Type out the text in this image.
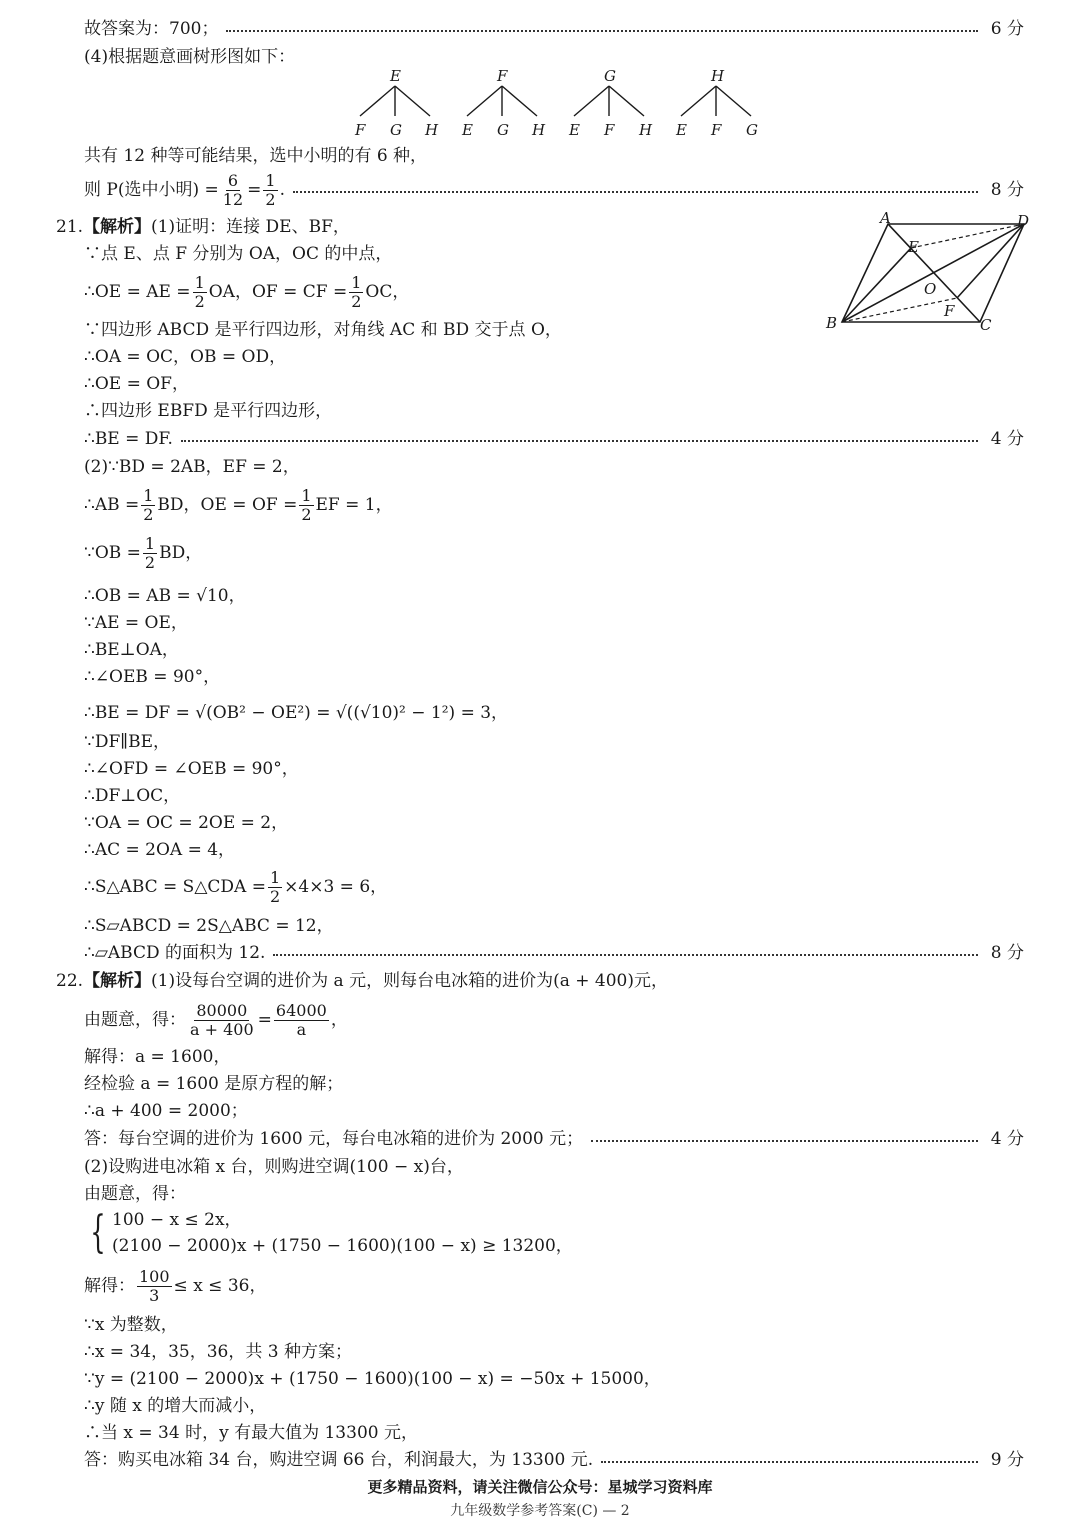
故答案为：700；	6 分
(4)根据题意画树形图如下：
E
F G H
F
E G H
G
E F H
H
E F G
共有 12 种等可能结果，选中小明的有 6 种，
则 P(选中小明) = $\frac{6}{12} = \frac{1}{2}$ .	8 分
21. 【解析】 (1)证明：连接 DE、BF，
∵点 E、点 F 分别为 OA，OC 的中点，
∴OE = AE = $\frac{1}{2}$ OA，OF = CF = $\frac{1}{2}$ OC，
∵四边形 ABCD 是平行四边形，对角线 AC 和 BD 交于点 O，
∴OA = OC，OB = OD，
∴OE = OF，
∴四边形 EBFD 是平行四边形，
∴BE = DF.	4 分
A	D
E
O
F
B	C
(2)∵BD = 2AB，EF = 2，
∴AB = $\frac{1}{2}$ BD，OE = OF = $\frac{1}{2}$ EF = 1，
∵OB = $\frac{1}{2}$ BD，
∴OB = AB = √10，
∵AE = OE，
∴BE⊥OA，
∴∠OEB = 90°，
∴BE = DF = √(OB² − OE²) = √((√10)² − 1²) = 3，
∵DF∥BE，
∴∠OFD = ∠OEB = 90°，
∴DF⊥OC，
∵OA = OC = 2OE = 2，
∴AC = 2OA = 4，
∴S△ABC = S△CDA = $\frac{1}{2} \times 4\times 3 = 6$，
∴S▱ABCD = 2S△ABC = 12，
∴▱ABCD 的面积为 12.	8 分
22. 【解析】 (1)设每台空调的进价为 a 元，则每台电冰箱的进价为(a + 400)元，
由题意，得： $\frac{80000}{a + 400} = \frac{64000}{a}$ ，
解得：a = 1600，
经检验 a = 1600 是原方程的解；
∴a + 400 = 2000；
答：每台空调的进价为 1600 元，每台电冰箱的进价为 2000 元；	4 分
(2)设购进电冰箱 x 台，则购进空调(100 − x)台，
由题意，得：
{ 100 − x ≤ 2x，
(2100 − 2000)x + (1750 − 1600)(100 − x) ≥ 13200，
解得： $\frac{100}{3} \le x \le 36$，
∵x 为整数，
∴x = 34，35，36，共 3 种方案；
∵y = (2100 − 2000)x + (1750 − 1600)(100 − x) = −50x + 15000，
∴y 随 x 的增大而减小，
∴当 x = 34 时，y 有最大值为 13300 元，
答：购买电冰箱 34 台，购进空调 66 台，利润最大，为 13300 元.	9 分
更多精品资料，请关注微信公众号：星城学习资料库
九年级数学参考答案(C) — 2
